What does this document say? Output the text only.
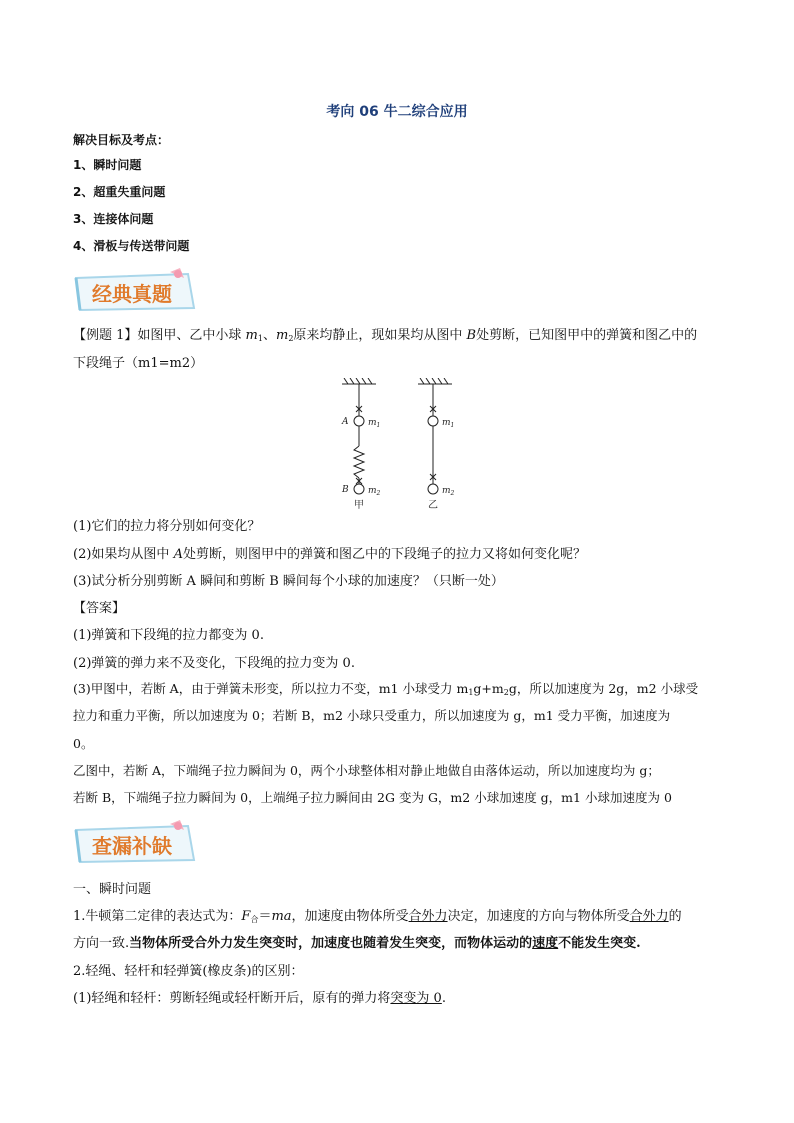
考向 06 牛二综合应用
解决目标及考点：
1、瞬时问题
2、超重失重问题
3、连接体问题
4、滑板与传送带问题
经典真题
【例题 1】如图甲、乙中小球 $m_1$、$m_2$原来均静止，现如果均从图中 B处剪断，已知图甲中的弹簧和图乙中的
下段绳子（m1=m2）
A $m_1$
B $m_2$
$m_1$
$m_2$
甲	乙
(1)它们的拉力将分别如何变化？
(2)如果均从图中 A处剪断，则图甲中的弹簧和图乙中的下段绳子的拉力又将如何变化呢？
(3)试分析分别剪断 A 瞬间和剪断 B 瞬间每个小球的加速度？（只断一处）
【答案】
(1)弹簧和下段绳的拉力都变为 0.
(2)弹簧的弹力来不及变化，下段绳的拉力变为 0.
(3)甲图中，若断 A，由于弹簧未形变，所以拉力不变，m1 小球受力 $m_1g+m_2g$，所以加速度为 2g，m2 小球受
拉力和重力平衡，所以加速度为 0；若断 B，m2 小球只受重力，所以加速度为 g，m1 受力平衡，加速度为
0。
乙图中，若断 A，下端绳子拉力瞬间为 0，两个小球整体相对静止地做自由落体运动，所以加速度均为 g；
若断 B，下端绳子拉力瞬间为 0，上端绳子拉力瞬间由 2G 变为 G，m2 小球加速度 g，m1 小球加速度为 0
查漏补缺
一、瞬时问题
1.牛顿第二定律的表达式为：$F_合=ma$，加速度由物体所受合外力决定，加速度的方向与物体所受合外力的
方向一致.当物体所受合外力发生突变时，加速度也随着发生突变，而物体运动的速度不能发生突变.
2.轻绳、轻杆和轻弹簧(橡皮条)的区别：
(1)轻绳和轻杆：剪断轻绳或轻杆断开后，原有的弹力将突变为 0.
